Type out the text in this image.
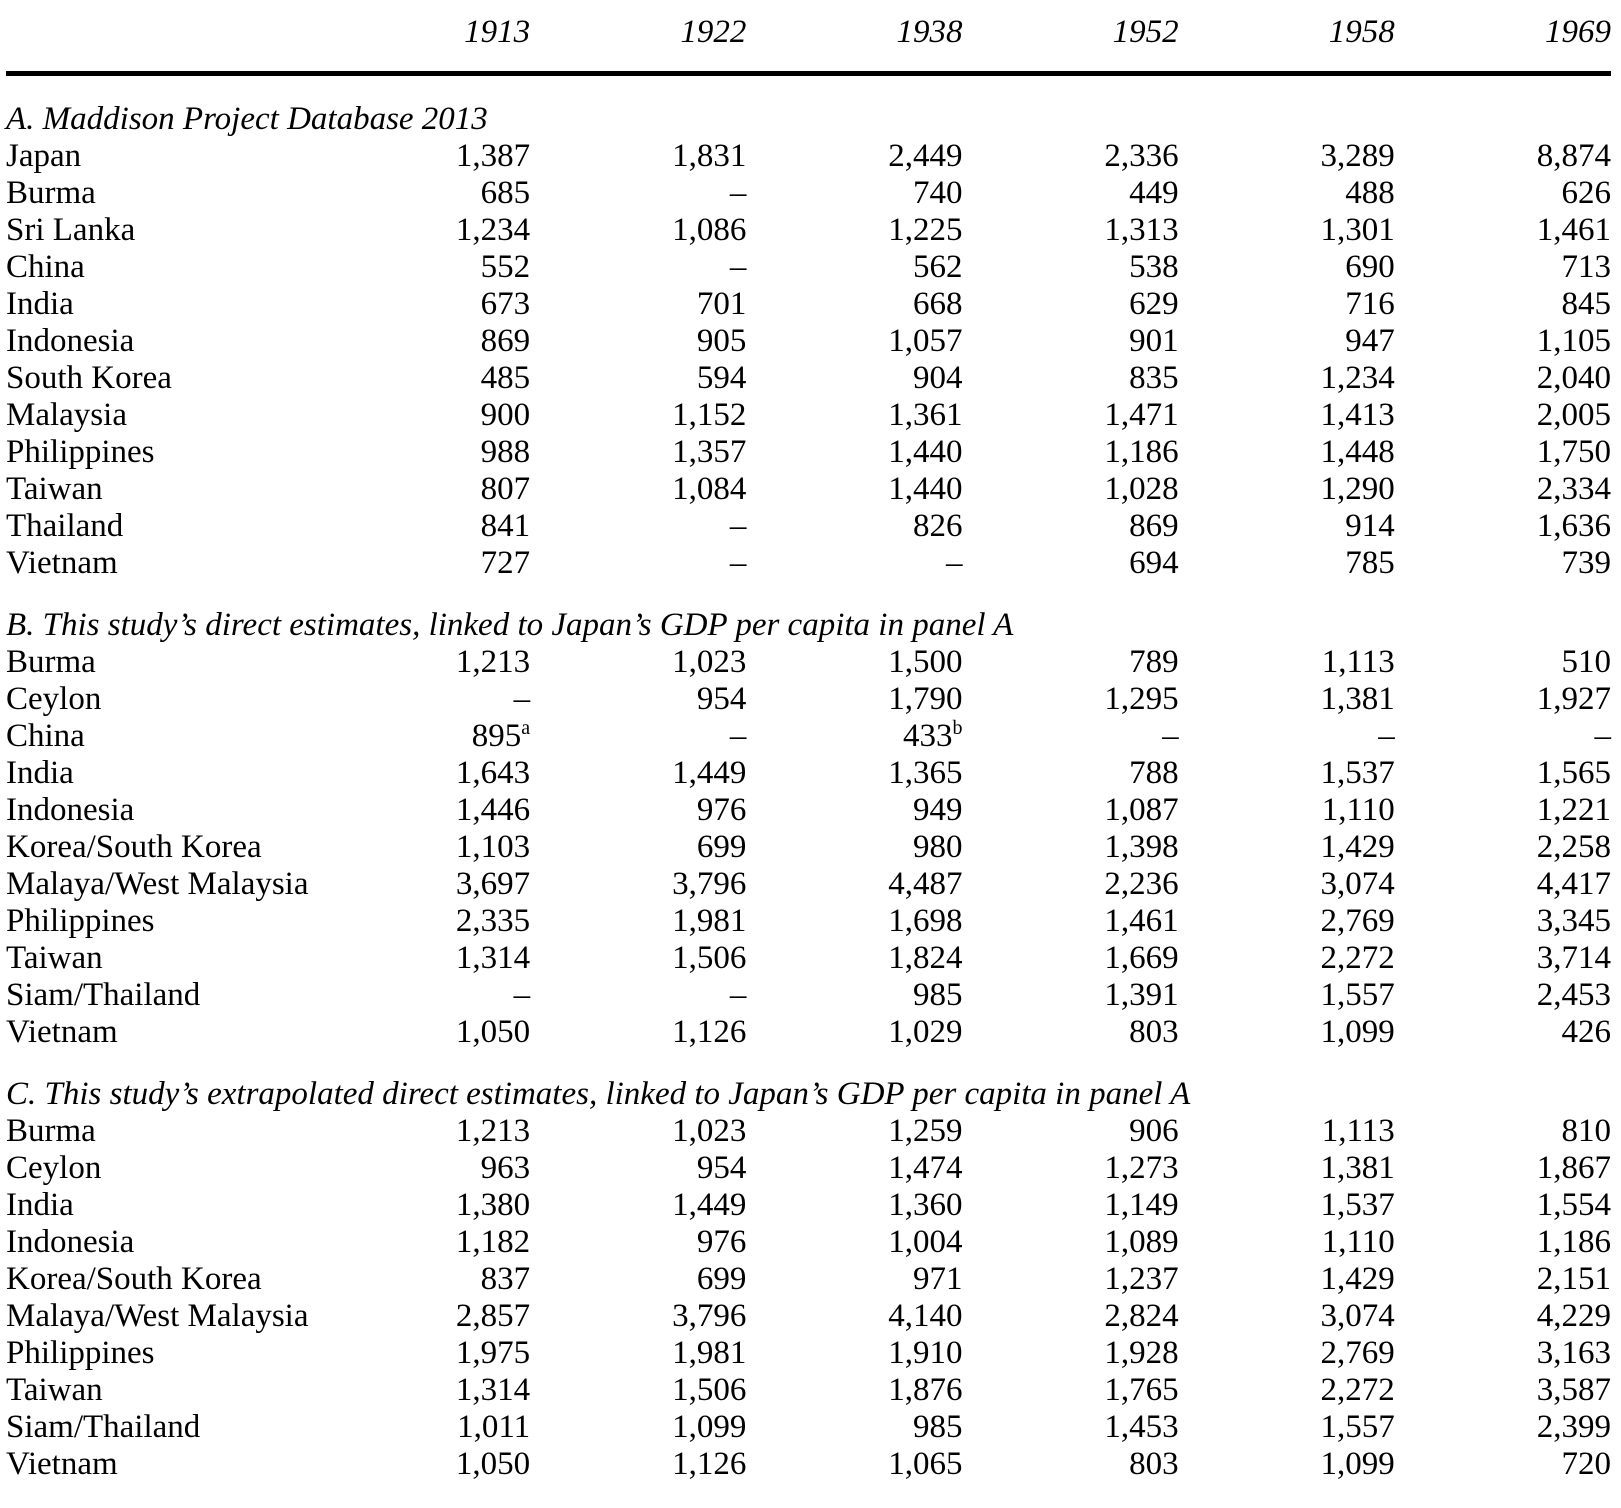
	1913	1922	1938	1952	1958	1969
A. Maddison Project Database 2013						
Japan	1,387	1,831	2,449	2,336	3,289	8,874
Burma	685	–	740	449	488	626
Sri Lanka	1,234	1,086	1,225	1,313	1,301	1,461
China	552	–	562	538	690	713
India	673	701	668	629	716	845
Indonesia	869	905	1,057	901	947	1,105
South Korea	485	594	904	835	1,234	2,040
Malaysia	900	1,152	1,361	1,471	1,413	2,005
Philippines	988	1,357	1,440	1,186	1,448	1,750
Taiwan	807	1,084	1,440	1,028	1,290	2,334
Thailand	841	–	826	869	914	1,636
Vietnam	727	–	–	694	785	739
B. This study’s direct estimates, linked to Japan’s GDP per capita in panel A						
Burma	1,213	1,023	1,500	789	1,113	510
Ceylon	–	954	1,790	1,295	1,381	1,927
China	895$^a$	–	433$^b$	–	–	–
India	1,643	1,449	1,365	788	1,537	1,565
Indonesia	1,446	976	949	1,087	1,110	1,221
Korea/South Korea	1,103	699	980	1,398	1,429	2,258
Malaya/West Malaysia	3,697	3,796	4,487	2,236	3,074	4,417
Philippines	2,335	1,981	1,698	1,461	2,769	3,345
Taiwan	1,314	1,506	1,824	1,669	2,272	3,714
Siam/Thailand	–	–	985	1,391	1,557	2,453
Vietnam	1,050	1,126	1,029	803	1,099	426
C. This study’s extrapolated direct estimates, linked to Japan’s GDP per capita in panel A						
Burma	1,213	1,023	1,259	906	1,113	810
Ceylon	963	954	1,474	1,273	1,381	1,867
India	1,380	1,449	1,360	1,149	1,537	1,554
Indonesia	1,182	976	1,004	1,089	1,110	1,186
Korea/South Korea	837	699	971	1,237	1,429	2,151
Malaya/West Malaysia	2,857	3,796	4,140	2,824	3,074	4,229
Philippines	1,975	1,981	1,910	1,928	2,769	3,163
Taiwan	1,314	1,506	1,876	1,765	2,272	3,587
Siam/Thailand	1,011	1,099	985	1,453	1,557	2,399
Vietnam	1,050	1,126	1,065	803	1,099	720
